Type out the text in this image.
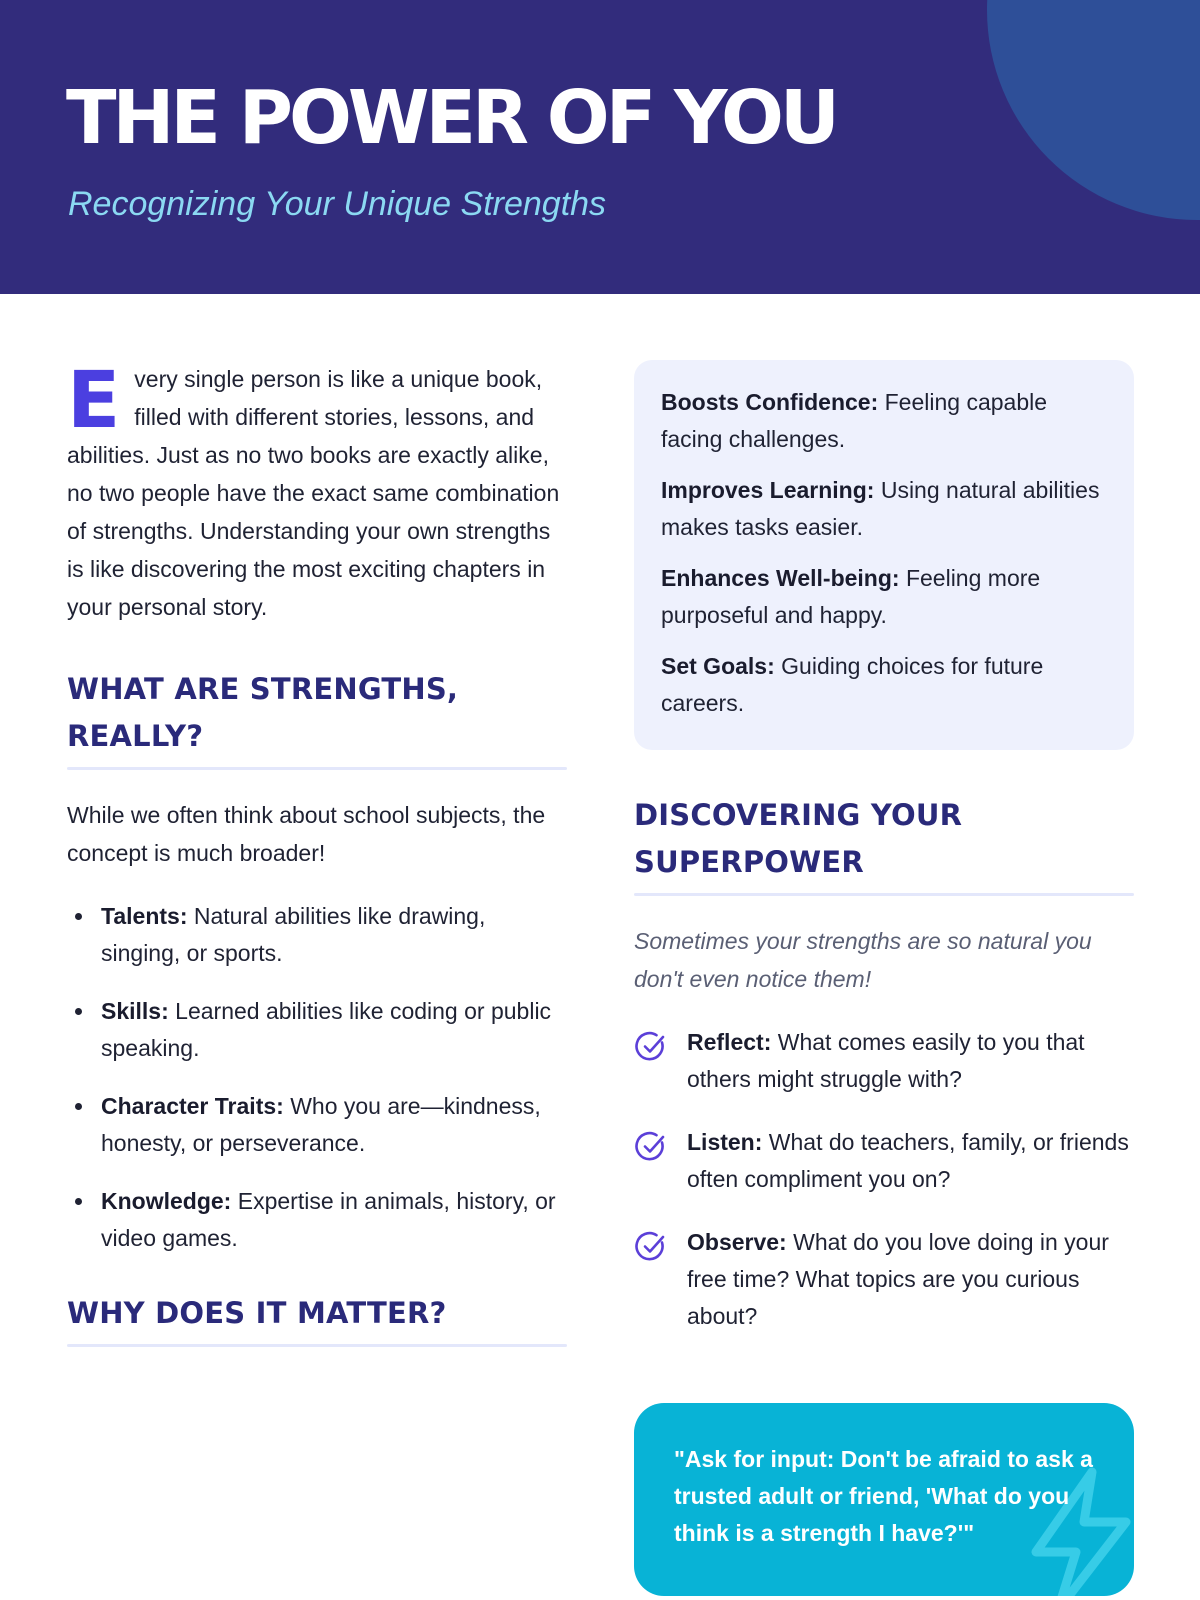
THE POWER OF YOU
Recognizing Your Unique Strengths

Every single person is like a unique book, filled with different stories, lessons, and abilities. Just as no two books are exactly alike, no two people have the exact same combination of strengths. Understanding your own strengths is like discovering the most exciting chapters in your personal story.

WHAT ARE STRENGTHS, REALLY?

While we often think about school subjects, the concept is much broader!

Talents: Natural abilities like drawing, singing, or sports.
Skills: Learned abilities like coding or public speaking.
Character Traits: Who you are—kindness, honesty, or perseverance.
Knowledge: Expertise in animals, history, or video games.
WHY DOES IT MATTER?

Boosts Confidence: Feeling capable facing challenges.

Improves Learning: Using natural abilities makes tasks easier.

Enhances Well-being: Feeling more purposeful and happy.

Set Goals: Guiding choices for future careers.

DISCOVERING YOUR SUPERPOWER

Sometimes your strengths are so natural you don't even notice them!

Reflect: What comes easily to you that others might struggle with?
Listen: What do teachers, family, or friends often compliment you on?
Observe: What do you love doing in your free time? What topics are you curious about?

"Ask for input: Don't be afraid to ask a trusted adult or friend, 'What do you think is a strength I have?'"
